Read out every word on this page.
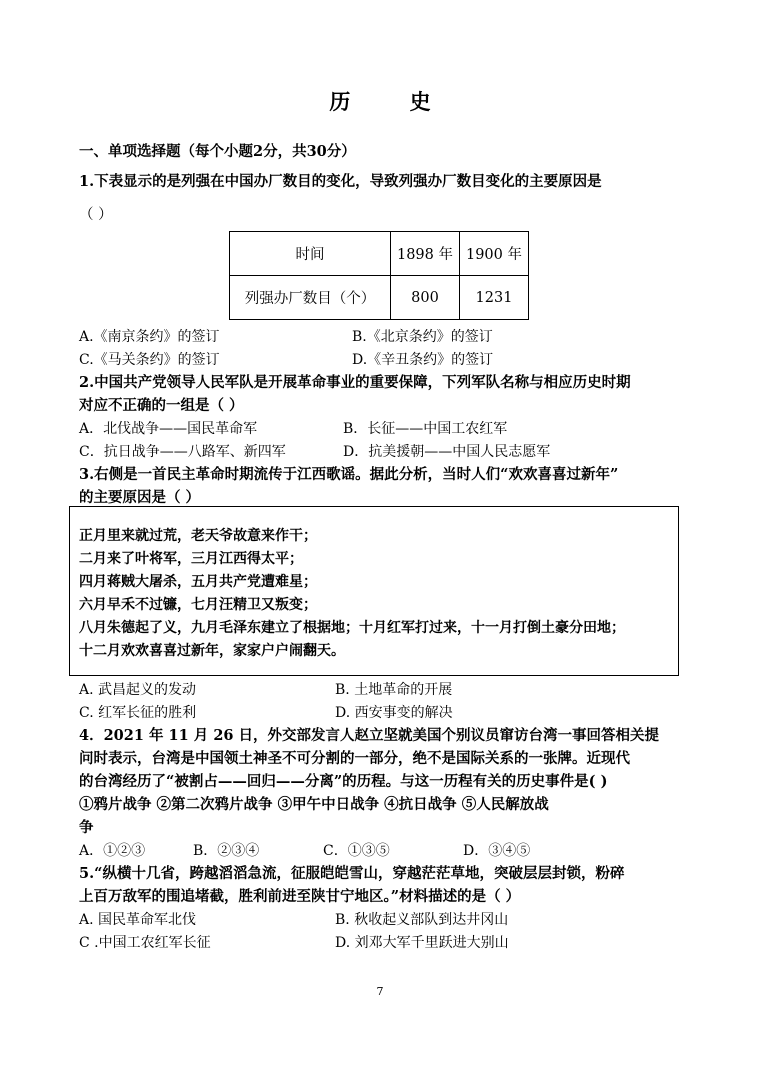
历 史
一、单项选择题（每个小题2分，共30分）
1.下表显示的是列强在中国办厂数目的变化，导致列强办厂数目变化的主要原因是
（ ）
时间	1898 年	1900 年
列强办厂数目（个）	800	1231
A.《南京条约》的签订	B.《北京条约》的签订
C.《马关条约》的签订	D.《辛丑条约》的签订
2.中国共产党领导人民军队是开展革命事业的重要保障，下列军队名称与相应历史时期
对应不正确的一组是（ ）
A．北伐战争——国民革命军	B．长征——中国工农红军
C．抗日战争——八路军、新四军	D．抗美援朝——中国人民志愿军
3.右侧是一首民主革命时期流传于江西歌谣。据此分析，当时人们“欢欢喜喜过新年”
的主要原因是（ ）
正月里来就过荒，老天爷故意来作干；
二月来了叶将军，三月江西得太平；
四月蒋贼大屠杀，五月共产党遭难星；
六月早禾不过镰，七月汪精卫又叛变；
八月朱德起了义，九月毛泽东建立了根据地；十月红军打过来，十一月打倒土豪分田地；
十二月欢欢喜喜过新年，家家户户闹翻天。
A. 武昌起义的发动	B. 土地革命的开展
C. 红军长征的胜利	D. 西安事变的解决
4．2021 年 11 月 26 日，外交部发言人赵立坚就美国个别议员窜访台湾一事回答相关提
问时表示，台湾是中国领土神圣不可分割的一部分，绝不是国际关系的一张牌。近现代
的台湾经历了“被割占——回归——分离”的历程。与这一历程有关的历史事件是( )
①鸦片战争 ②第二次鸦片战争 ③甲午中日战争 ④抗日战争 ⑤人民解放战
争
A．①②③	B．②③④	C．①③⑤	D．③④⑤
5.“纵横十几省，跨越滔滔急流，征服皑皑雪山，穿越茫茫草地，突破层层封锁，粉碎
上百万敌军的围追堵截，胜利前进至陕甘宁地区。”材料描述的是（ ）
A. 国民革命军北伐	B. 秋收起义部队到达井冈山
C .中国工农红军长征	D. 刘邓大军千里跃进大别山
7
